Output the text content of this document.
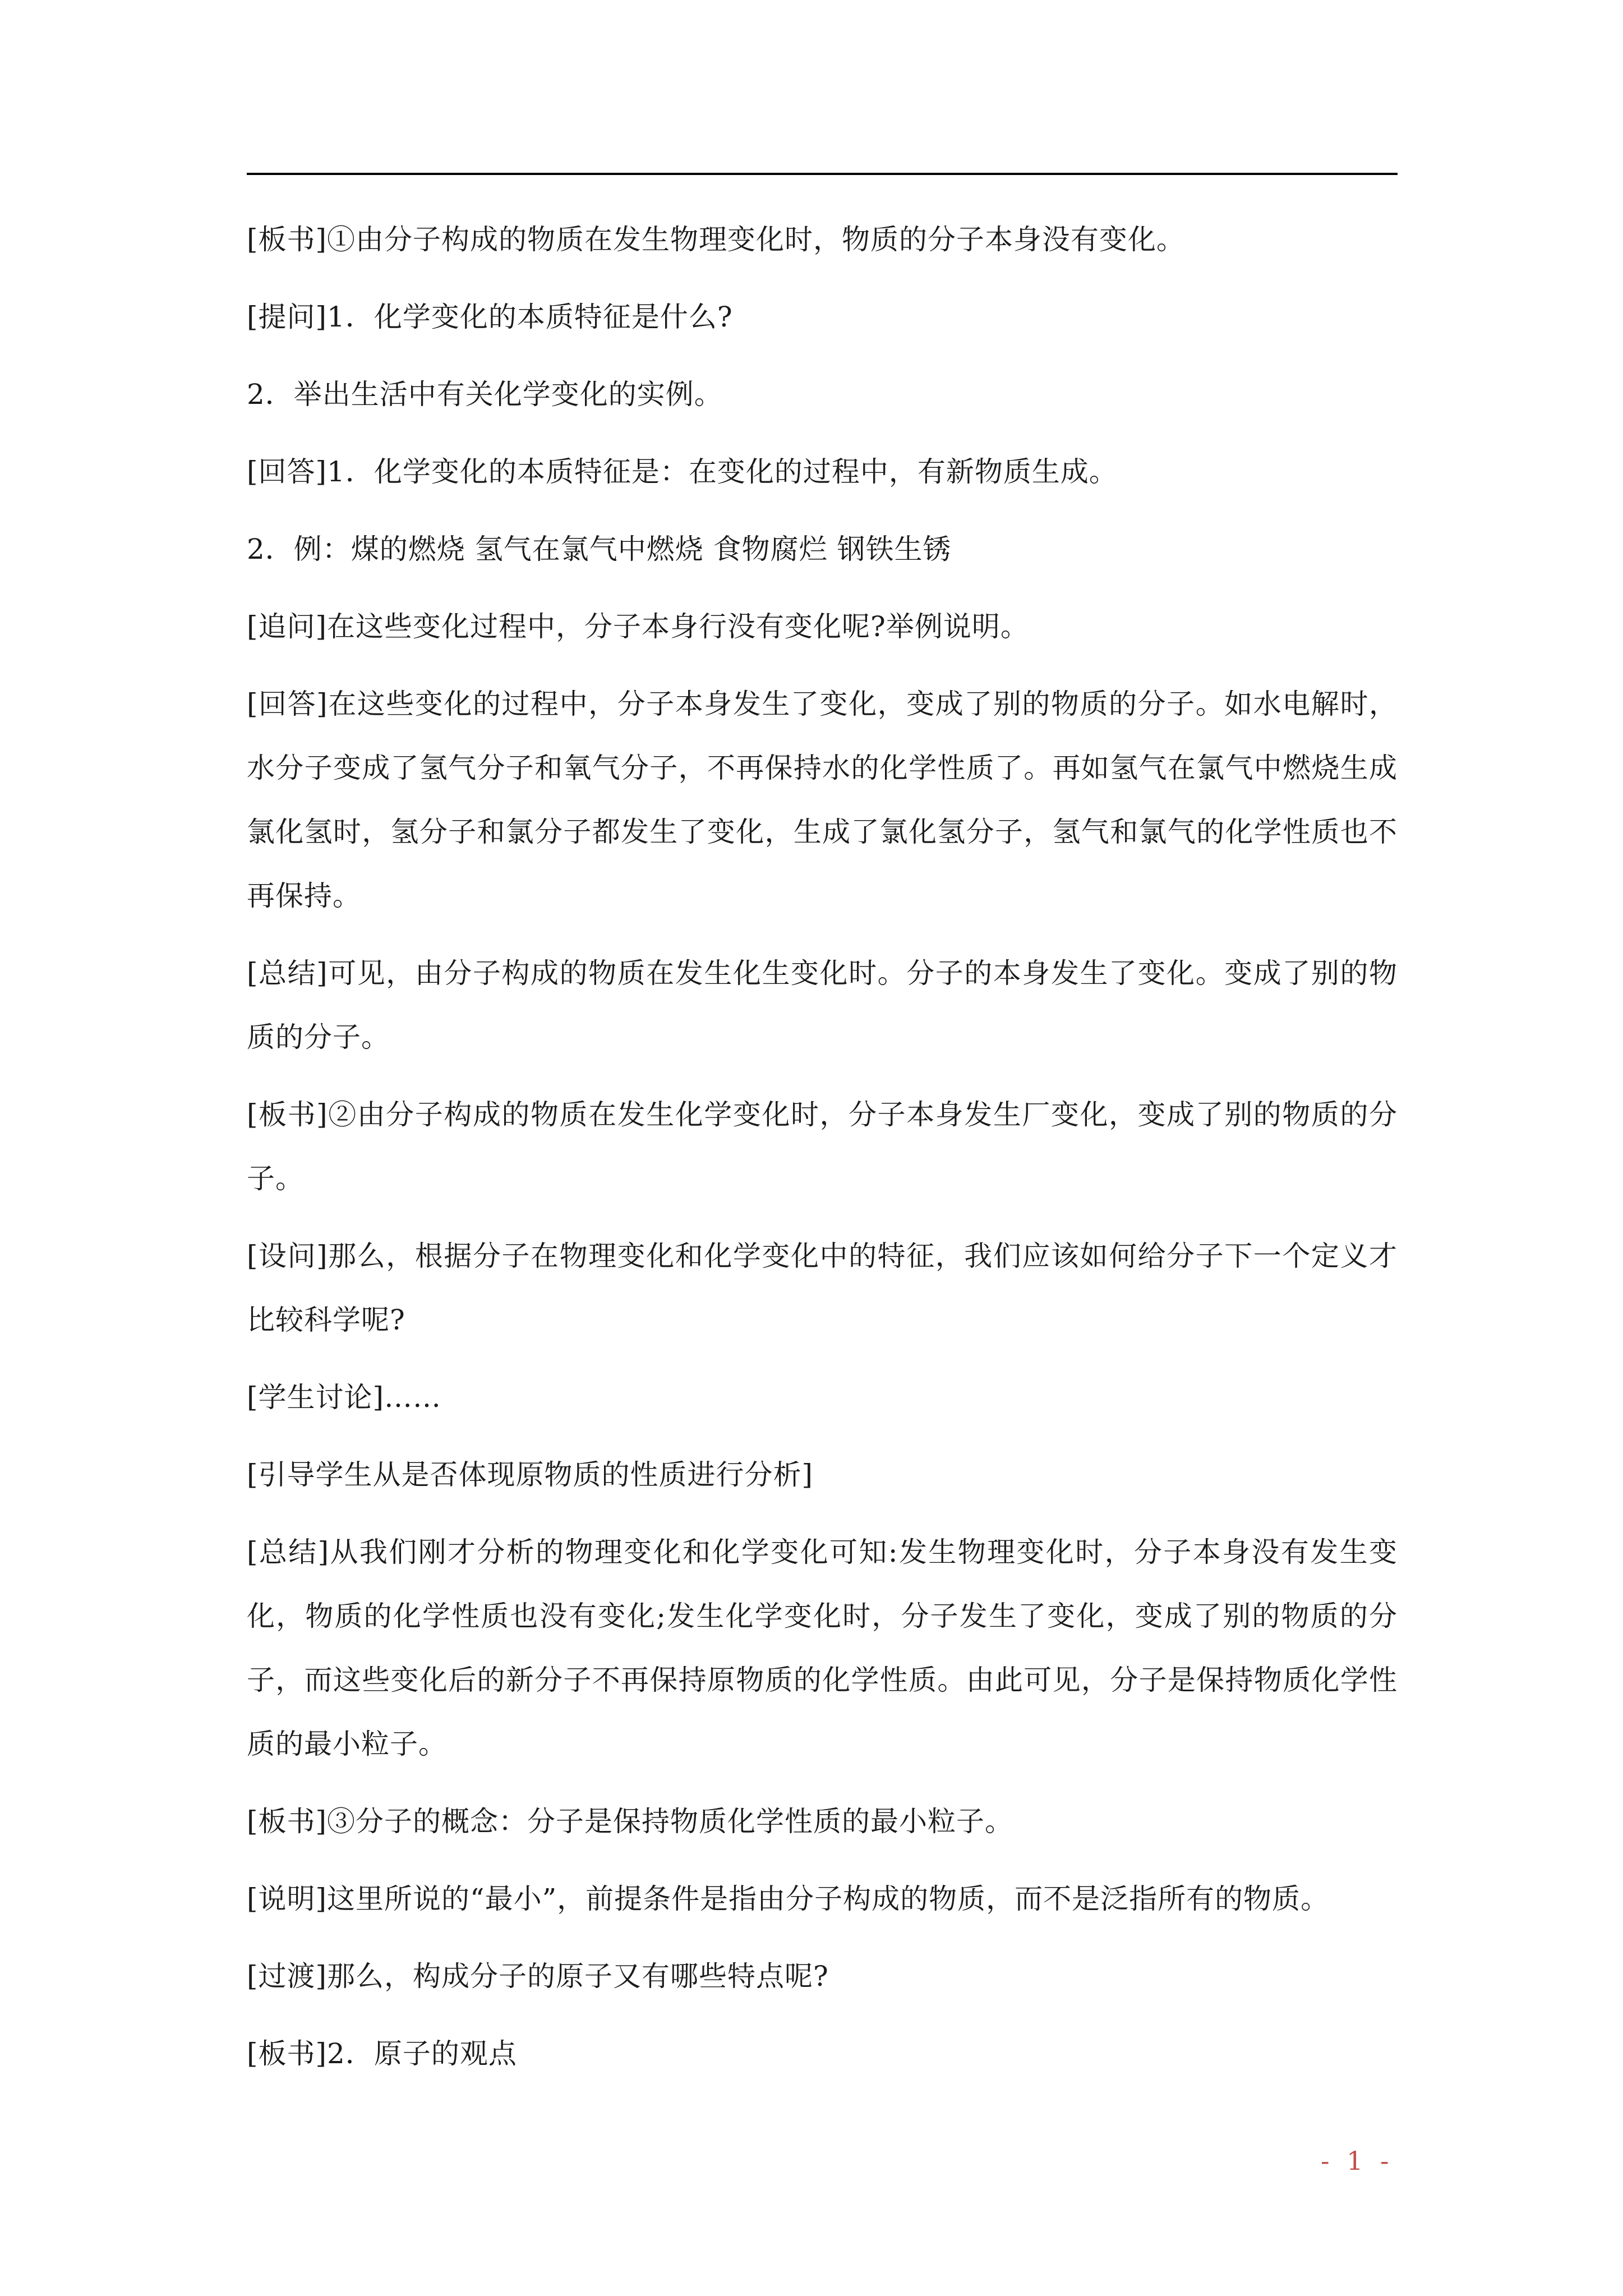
[板书]①由分子构成的物质在发生物理变化时，物质的分子本身没有变化。

[提问]1．化学变化的本质特征是什么?

2．举出生活中有关化学变化的实例。

[回答]1．化学变化的本质特征是：在变化的过程中，有新物质生成。

2．例：煤的燃烧 氢气在氯气中燃烧 食物腐烂 钢铁生锈

[追问]在这些变化过程中，分子本身行没有变化呢?举例说明。

[回答]在这些变化的过程中，分子本身发生了变化，变成了别的物质的分子。如水电解时，水分子变成了氢气分子和氧气分子，不再保持水的化学性质了。再如氢气在氯气中燃烧生成氯化氢时，氢分子和氯分子都发生了变化，生成了氯化氢分子，氢气和氯气的化学性质也不再保持。

[总结]可见，由分子构成的物质在发生化生变化时。分子的本身发生了变化。变成了别的物质的分子。

[板书]②由分子构成的物质在发生化学变化时，分子本身发生厂变化，变成了别的物质的分子。

[设问]那么，根据分子在物理变化和化学变化中的特征，我们应该如何给分子下一个定义才比较科学呢?

[学生讨论]……

[引导学生从是否体现原物质的性质进行分析]

[总结]从我们刚才分析的物理变化和化学变化可知:发生物理变化时，分子本身没有发生变化，物质的化学性质也没有变化;发生化学变化时，分子发生了变化，变成了别的物质的分子，而这些变化后的新分子不再保持原物质的化学性质。由此可见，分子是保持物质化学性质的最小粒子。

[板书]③分子的概念：分子是保持物质化学性质的最小粒子。

[说明]这里所说的“最小”，前提条件是指由分子构成的物质，而不是泛指所有的物质。

[过渡]那么，构成分子的原子又有哪些特点呢?

[板书]2．原子的观点

- 1 -
